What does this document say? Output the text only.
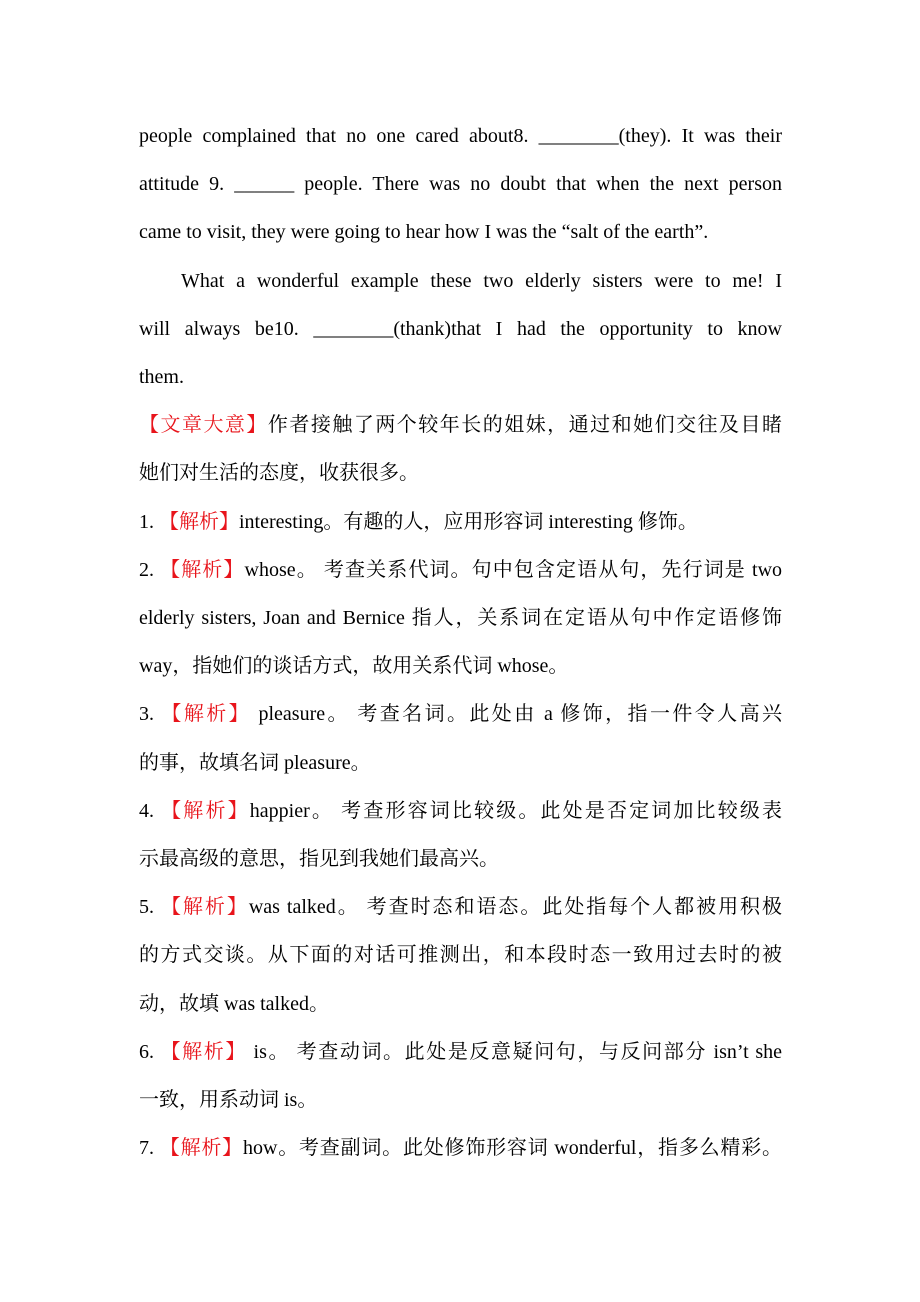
people complained that no one cared about8. ________(they). It was their
attitude 9. ______ people. There was no doubt that when the next person
came to visit, they were going to hear how I was the “salt of the earth”.
What a wonderful example these two elderly sisters were to me! I
will always be10. ________(thank)that I had the opportunity to know
them.
【文章大意】作者接触了两个较年长的姐妹，通过和她们交往及目睹
她们对生活的态度，收获很多。
1. 【解析】interesting。有趣的人，应用形容词 interesting 修饰。
2. 【解析】whose。 考查关系代词。句中包含定语从句，先行词是 two
elderly sisters, Joan and Bernice 指人，关系词在定语从句中作定语修饰
way，指她们的谈话方式，故用关系代词 whose。
3. 【解析】 pleasure。 考查名词。此处由 a 修饰，指一件令人高兴
的事，故填名词 pleasure。
4. 【解析】happier。 考查形容词比较级。此处是否定词加比较级表
示最高级的意思，指见到我她们最高兴。
5. 【解析】was talked。 考查时态和语态。此处指每个人都被用积极
的方式交谈。从下面的对话可推测出，和本段时态一致用过去时的被
动，故填 was talked。
6. 【解析】 is。 考查动词。此处是反意疑问句，与反问部分 isn’t she
一致，用系动词 is。
7. 【解析】how。考查副词。此处修饰形容词 wonderful，指多么精彩。
